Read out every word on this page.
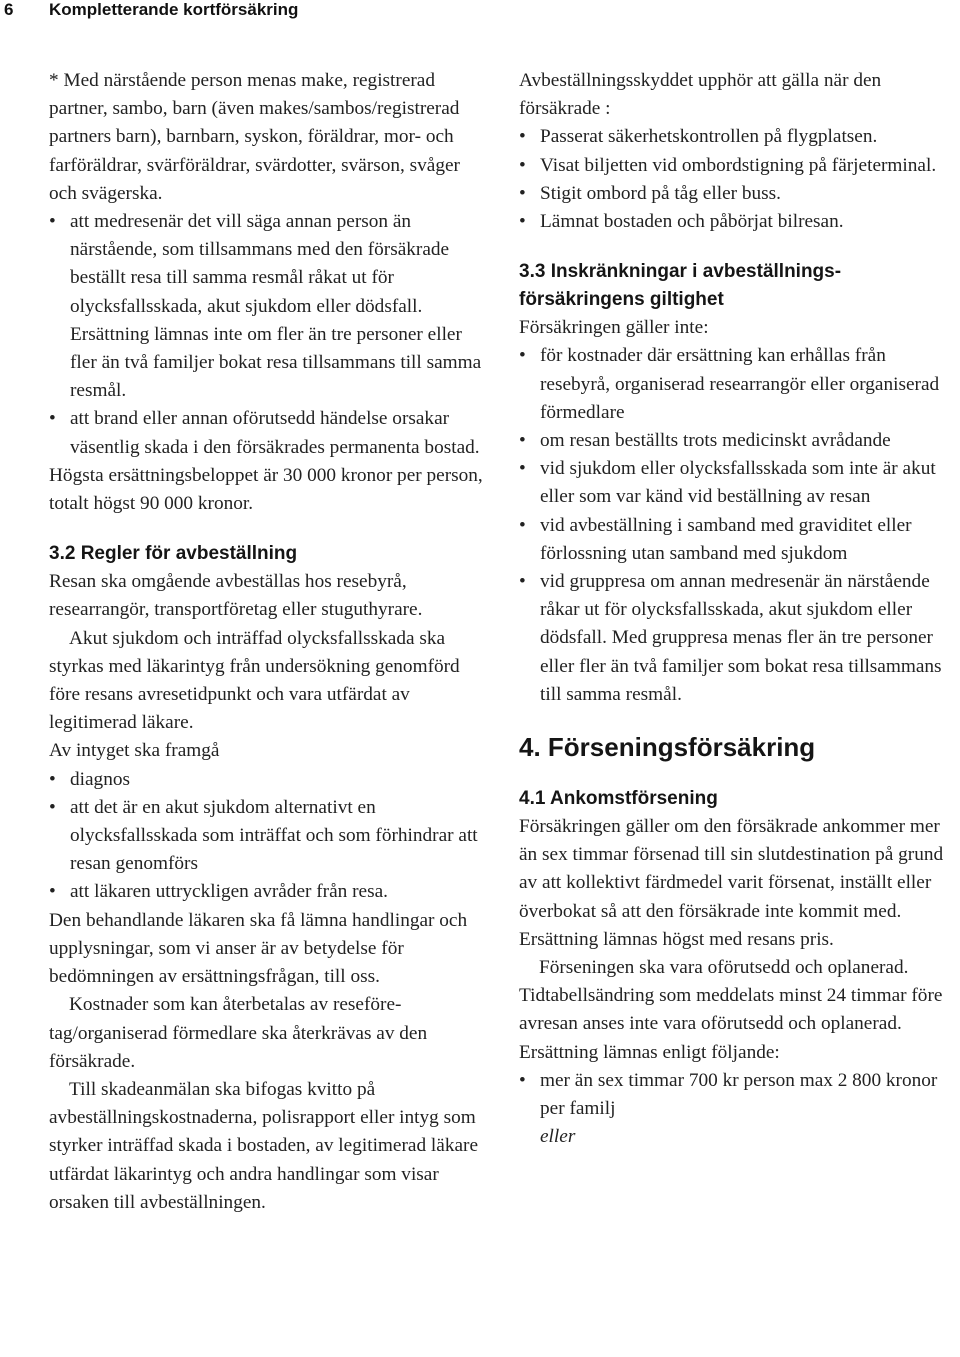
6 Kompletterande kortförsäkring

* Med närstående person menas make, registrerad partner, sambo, barn (även makes/sambos/registrerad partners barn), barnbarn, syskon, föräldrar, mor- och farföräldrar, svärföräldrar, svärdotter, svärson, svåger och svägerska.

• att medresenär det vill säga annan person än närstående, som tillsammans med den försäkrade beställt resa till samma resmål råkat ut för olycksfallsskada, akut sjukdom eller dödsfall. Ersättning lämnas inte om fler än tre personer eller fler än två familjer bokat resa tillsammans till samma resmål.
• att brand eller annan oförutsedd händelse orsakar väsentlig skada i den försäkrades permanenta bostad.

Högsta ersättningsbeloppet är 30 000 kronor per person, totalt högst 90 000 kronor.

3.2 Regler för avbeställning

Resan ska omgående avbeställas hos resebyrå, researrangör, transportföretag eller stuguthyrare.

Akut sjukdom och inträffad olycksfallsskada ska styrkas med läkarintyg från undersökning genomförd före resans avresetidpunkt och vara utfärdat av legitimerad läkare.

Av intyget ska framgå

• diagnos
• att det är en akut sjukdom alternativt en olycksfallsskada som inträffat och som förhindrar att resan genomförs
• att läkaren uttryckligen avråder från resa.

Den behandlande läkaren ska få lämna handlingar och upplysningar, som vi anser är av betydelse för bedömningen av ersättningsfrågan, till oss.

Kostnader som kan återbetalas av reseföretag/organiserad förmedlare ska återkrävas av den försäkrade.

Till skadeanmälan ska bifogas kvitto på avbeställningskostnaderna, polisrapport eller intyg som styrker inträffad skada i bostaden, av legitimerad läkare utfärdat läkarintyg och andra handlingar som visar orsaken till avbeställningen.

Avbeställningsskyddet upphör att gälla när den försäkrade :

• Passerat säkerhetskontrollen på flygplatsen.
• Visat biljetten vid ombordstigning på färjeterminal.
• Stigit ombord på tåg eller buss.
• Lämnat bostaden och påbörjat bilresan.
3.3 Inskränkningar i avbeställningsförsäkringens giltighet

Försäkringen gäller inte:

• för kostnader där ersättning kan erhållas från resebyrå, organiserad researrangör eller organiserad förmedlare
• om resan beställts trots medicinskt avrådande
• vid sjukdom eller olycksfallsskada som inte är akut eller som var känd vid beställning av resan
• vid avbeställning i samband med graviditet eller förlossning utan samband med sjukdom
• vid gruppresa om annan medresenär än närstående råkar ut för olycksfallsskada, akut sjukdom eller dödsfall. Med gruppresa menas fler än tre personer eller fler än två familjer som bokat resa tillsammans till samma resmål.
4. Förseningsförsäkring
4.1 Ankomstförsening

Försäkringen gäller om den försäkrade ankommer mer än sex timmar försenad till sin slutdestination på grund av att kollektivt färdmedel varit försenat, inställt eller överbokat så att den försäkrade inte kommit med. Ersättning lämnas högst med resans pris.

Förseningen ska vara oförutsedd och oplanerad. Tidtabellsändring som meddelats minst 24 timmar före avresan anses inte vara oförutsedd och oplanerad.

Ersättning lämnas enligt följande:

• mer än sex timmar 700 kr person max 2 800 kronor per familj

eller
